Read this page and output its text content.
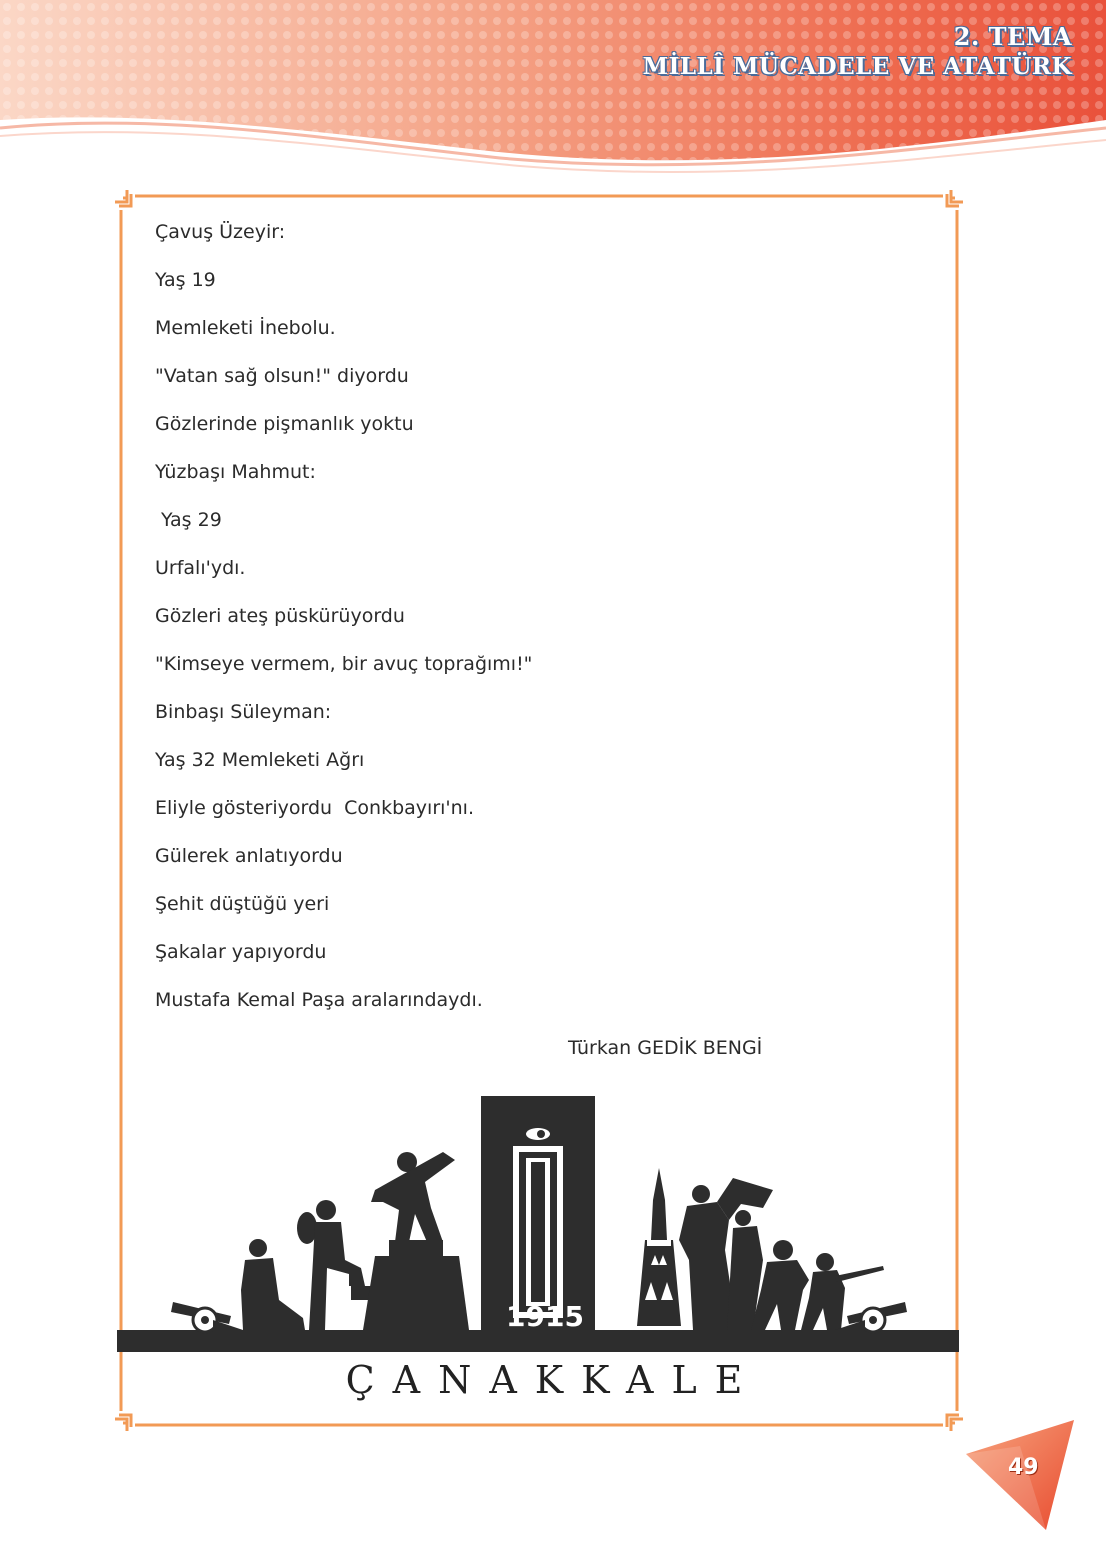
2. TEMA
MİLLÎ MÜCADELE VE ATATÜRK
Çavuş Üzeyir:
Yaş 19
Memleketi İnebolu.
"Vatan sağ olsun!" diyordu
Gözlerinde pişmanlık yoktu
Yüzbaşı Mahmut:
Yaş 29
Urfalı'ydı.
Gözleri ateş püskürüyordu
"Kimseye vermem, bir avuç toprağımı!"
Binbaşı Süleyman:
Yaş 32 Memleketi Ağrı
Eliyle gösteriyordu  Conkbayırı'nı.
Gülerek anlatıyordu
Şehit düştüğü yeri
Şakalar yapıyordu
Mustafa Kemal Paşa aralarındaydı.
Türkan GEDİK BENGİ
1915
ÇANAKKALE
49
